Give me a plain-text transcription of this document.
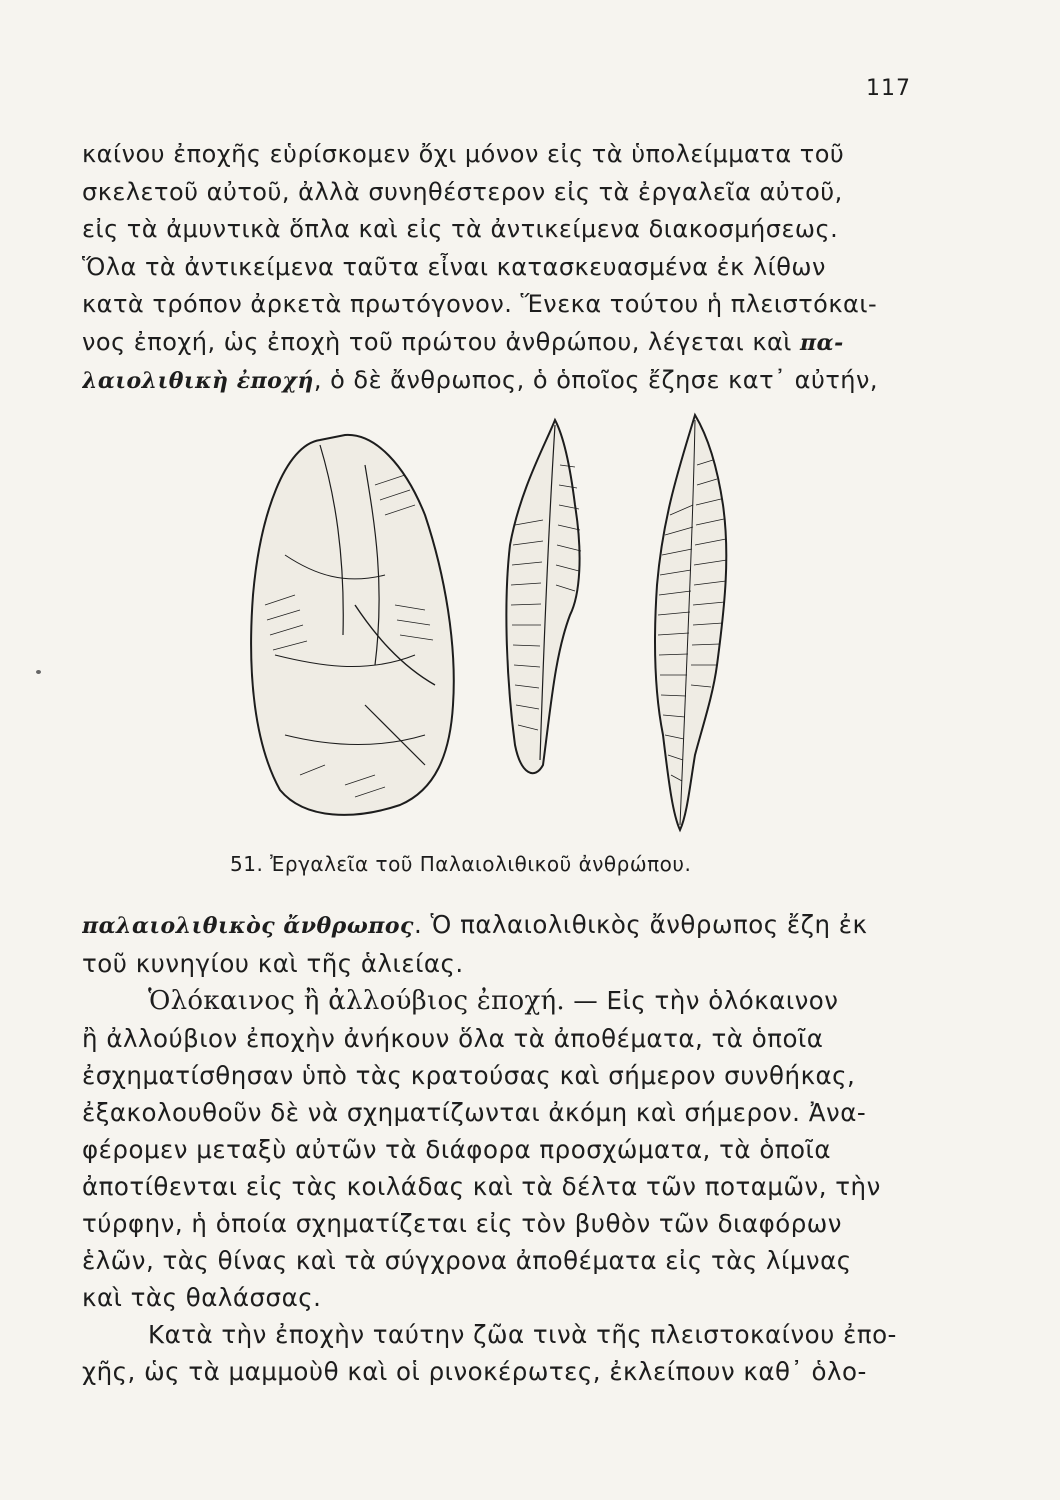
117
καίνου ἐποχῆς εὑρίσκομεν ὄχι μόνον εἰς τὰ ὑπολείμματα τοῦ
σκελετοῦ αὐτοῦ, ἀλλὰ συνηθέστερον εἰς τὰ ἐργαλεῖα αὐτοῦ,
εἰς τὰ ἀμυντικὰ ὅπλα καὶ εἰς τὰ ἀντικείμενα διακοσμήσεως.
Ὅλα τὰ ἀντικείμενα ταῦτα εἶναι κατασκευασμένα ἐκ λίθων
κατὰ τρόπον ἀρκετὰ πρωτόγονον. Ἕνεκα τούτου ἡ πλειστόκαι-
νος ἐποχή, ὡς ἐποχὴ τοῦ πρώτου ἀνθρώπου, λέγεται καὶ πα-
λαιολιθικὴ ἐποχή, ὁ δὲ ἄνθρωπος, ὁ ὁποῖος ἔζησε κατ᾽ αὐτήν,
51. Ἐργαλεῖα τοῦ Παλαιολιθικοῦ ἀνθρώπου.
παλαιολιθικὸς ἄνθρωπος. Ὁ παλαιολιθικὸς ἄνθρωπος ἔζη ἐκ
τοῦ κυνηγίου καὶ τῆς ἁλιείας.
Ὁλόκαινος ἢ ἀλλούβιος ἐποχή. — Εἰς τὴν ὁλόκαινον
ἢ ἀλλούβιον ἐποχὴν ἀνήκουν ὅλα τὰ ἀποθέματα, τὰ ὁποῖα
ἐσχηματίσθησαν ὑπὸ τὰς κρατούσας καὶ σήμερον συνθήκας,
ἐξακολουθοῦν δὲ νὰ σχηματίζωνται ἀκόμη καὶ σήμερον. Ἀνα-
φέρομεν μεταξὺ αὐτῶν τὰ διάφορα προσχώματα, τὰ ὁποῖα
ἀποτίθενται εἰς τὰς κοιλάδας καὶ τὰ δέλτα τῶν ποταμῶν, τὴν
τύρφην, ἡ ὁποία σχηματίζεται εἰς τὸν βυθὸν τῶν διαφόρων
ἑλῶν, τὰς θίνας καὶ τὰ σύγχρονα ἀποθέματα εἰς τὰς λίμνας
καὶ τὰς θαλάσσας.
Κατὰ τὴν ἐποχὴν ταύτην ζῶα τινὰ τῆς πλειστοκαίνου ἐπο-
χῆς, ὡς τὰ μαμμοὺθ καὶ οἱ ρινοκέρωτες, ἐκλείπουν καθ᾽ ὁλο-
